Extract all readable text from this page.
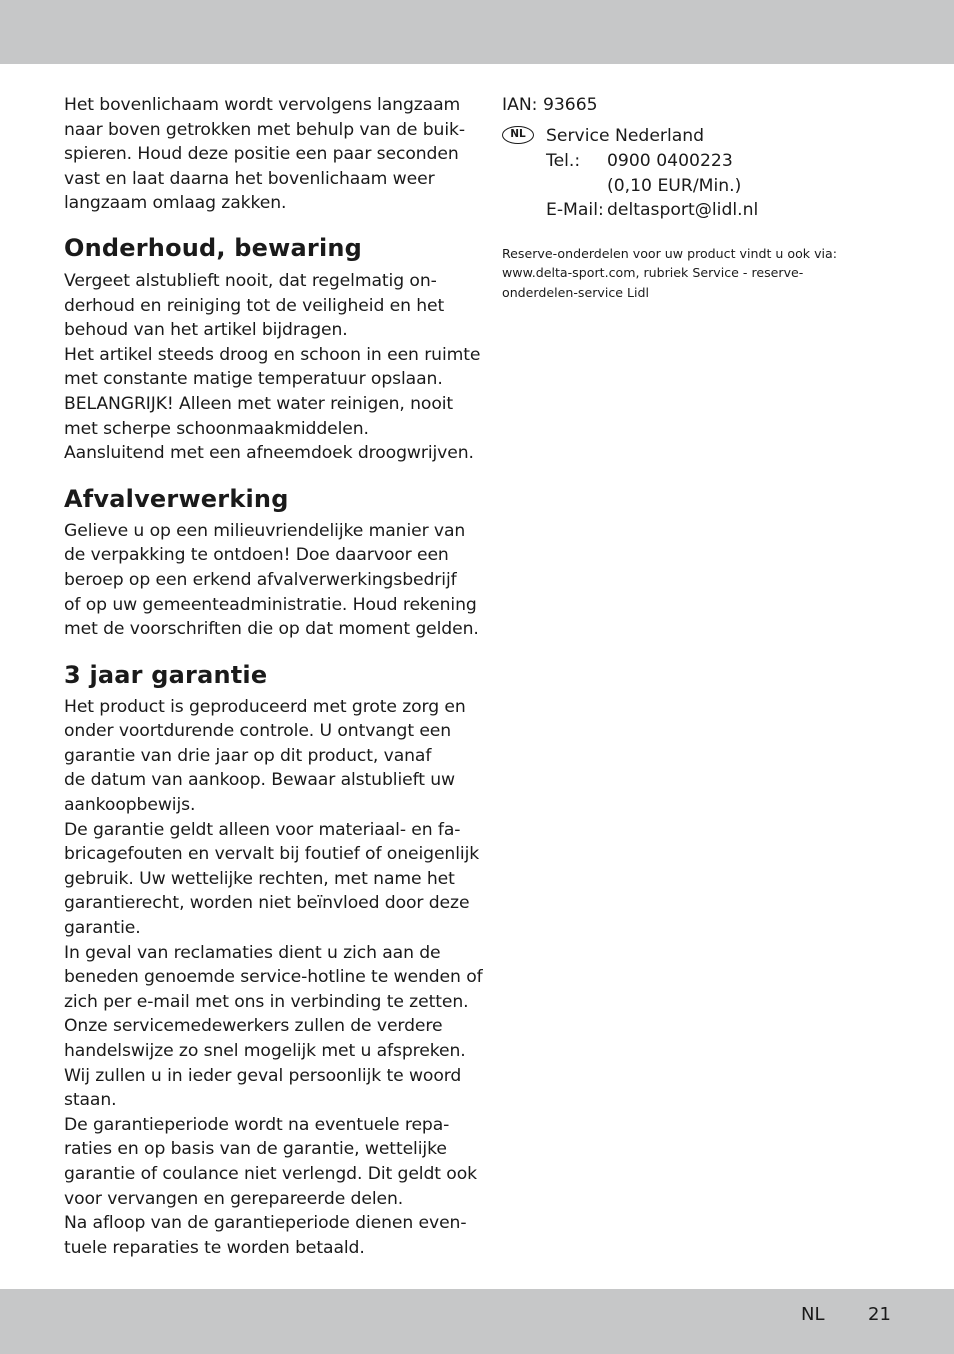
Het bovenlichaam wordt vervolgens langzaam
naar boven getrokken met behulp van de buik-
spieren. Houd deze positie een paar seconden
vast en laat daarna het bovenlichaam weer
langzaam omlaag zakken.

Onderhoud, bewaring

Vergeet alstublieft nooit, dat regelmatig on-
derhoud en reiniging tot de veiligheid en het
behoud van het artikel bijdragen.
Het artikel steeds droog en schoon in een ruimte
met constante matige temperatuur opslaan.
BELANGRIJK! Alleen met water reinigen, nooit
met scherpe schoonmaakmiddelen.
Aansluitend met een afneemdoek droogwrijven.

Afvalverwerking

Gelieve u op een milieuvriendelijke manier van
de verpakking te ontdoen! Doe daarvoor een
beroep op een erkend afvalverwerkingsbedrijf
of op uw gemeenteadministratie. Houd rekening
met de voorschriften die op dat moment gelden.

3 jaar garantie

Het product is geproduceerd met grote zorg en
onder voortdurende controle. U ontvangt een
garantie van drie jaar op dit product, vanaf
de datum van aankoop. Bewaar alstublieft uw
aankoopbewijs.
De garantie geldt alleen voor materiaal- en fa-
bricagefouten en vervalt bij foutief of oneigenlijk
gebruik. Uw wettelijke rechten, met name het
garantierecht, worden niet beïnvloed door deze
garantie.
In geval van reclamaties dient u zich aan de
beneden genoemde service-hotline te wenden of
zich per e-mail met ons in verbinding te zetten.
Onze servicemedewerkers zullen de verdere
handelswijze zo snel mogelijk met u afspreken.
Wij zullen u in ieder geval persoonlijk te woord
staan.
De garantieperiode wordt na eventuele repa-
raties en op basis van de garantie, wettelijke
garantie of coulance niet verlengd. Dit geldt ook
voor vervangen en gerepareerde delen.
Na afloop van de garantieperiode dienen even-
tuele reparaties te worden betaald.

IAN: 93665
NL	Service Nederland
Tel.: 0900 0400223
(0,10 EUR/Min.)
E-Mail: deltasport@lidl.nl
Reserve-onderdelen voor uw product vindt u ook via:
www.delta-sport.com, rubriek Service - reserve-
onderdelen-service Lidl
NL 21
